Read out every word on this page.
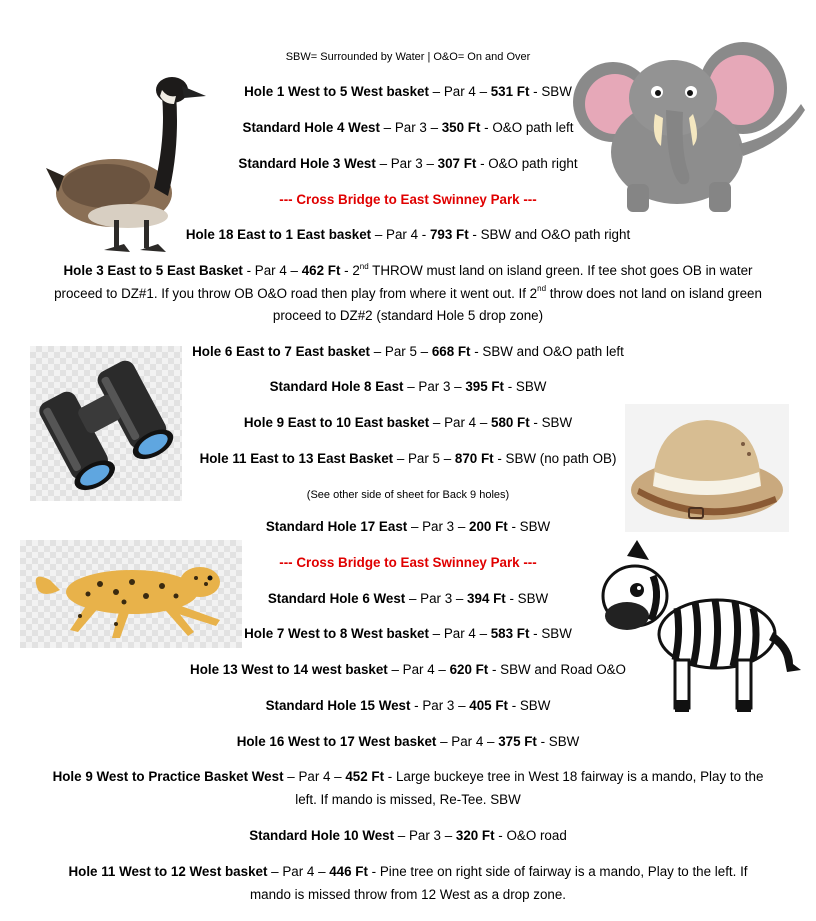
SBW= Surrounded by Water | O&O= On and Over
Hole 1 West to 5 West basket – Par 4 – 531 Ft - SBW
Standard Hole 4 West – Par 3 – 350 Ft - O&O path left
Standard Hole 3 West – Par 3 – 307 Ft - O&O path right
--- Cross Bridge to East Swinney Park ---
Hole 18 East to 1 East basket – Par 4 - 793 Ft - SBW and O&O path right
Hole 3 East to 5 East Basket - Par 4 – 462 Ft - 2nd THROW must land on island green. If tee shot goes OB in water proceed to DZ#1. If you throw OB O&O road then play from where it went out. If 2nd throw does not land on island green proceed to DZ#2 (standard Hole 5 drop zone)
Hole 6 East to 7 East basket – Par 5 – 668 Ft - SBW and O&O path left
Standard Hole 8 East – Par 3 – 395 Ft - SBW
Hole 9 East to 10 East basket – Par 4 – 580 Ft - SBW
Hole 11 East to 13 East Basket – Par 5 – 870 Ft - SBW (no path OB)
(See other side of sheet for Back 9 holes)
Standard Hole 17 East – Par 3 – 200 Ft - SBW
--- Cross Bridge to East Swinney Park ---
Standard Hole 6 West – Par 3 – 394 Ft - SBW
Hole 7 West to 8 West basket – Par 4 – 583 Ft - SBW
Hole 13 West to 14 west basket – Par 4 – 620 Ft - SBW and Road O&O
Standard Hole 15 West - Par 3 – 405 Ft - SBW
Hole 16 West to 17 West basket – Par 4 – 375 Ft - SBW
Hole 9 West to Practice Basket West – Par 4 – 452 Ft - Large buckeye tree in West 18 fairway is a mando, Play to the left. If mando is missed, Re-Tee. SBW
Standard Hole 10 West – Par 3 – 320 Ft - O&O road
Hole 11 West to 12 West basket – Par 4 – 446 Ft - Pine tree on right side of fairway is a mando, Play to the left. If mando is missed throw from 12 West as a drop zone.
